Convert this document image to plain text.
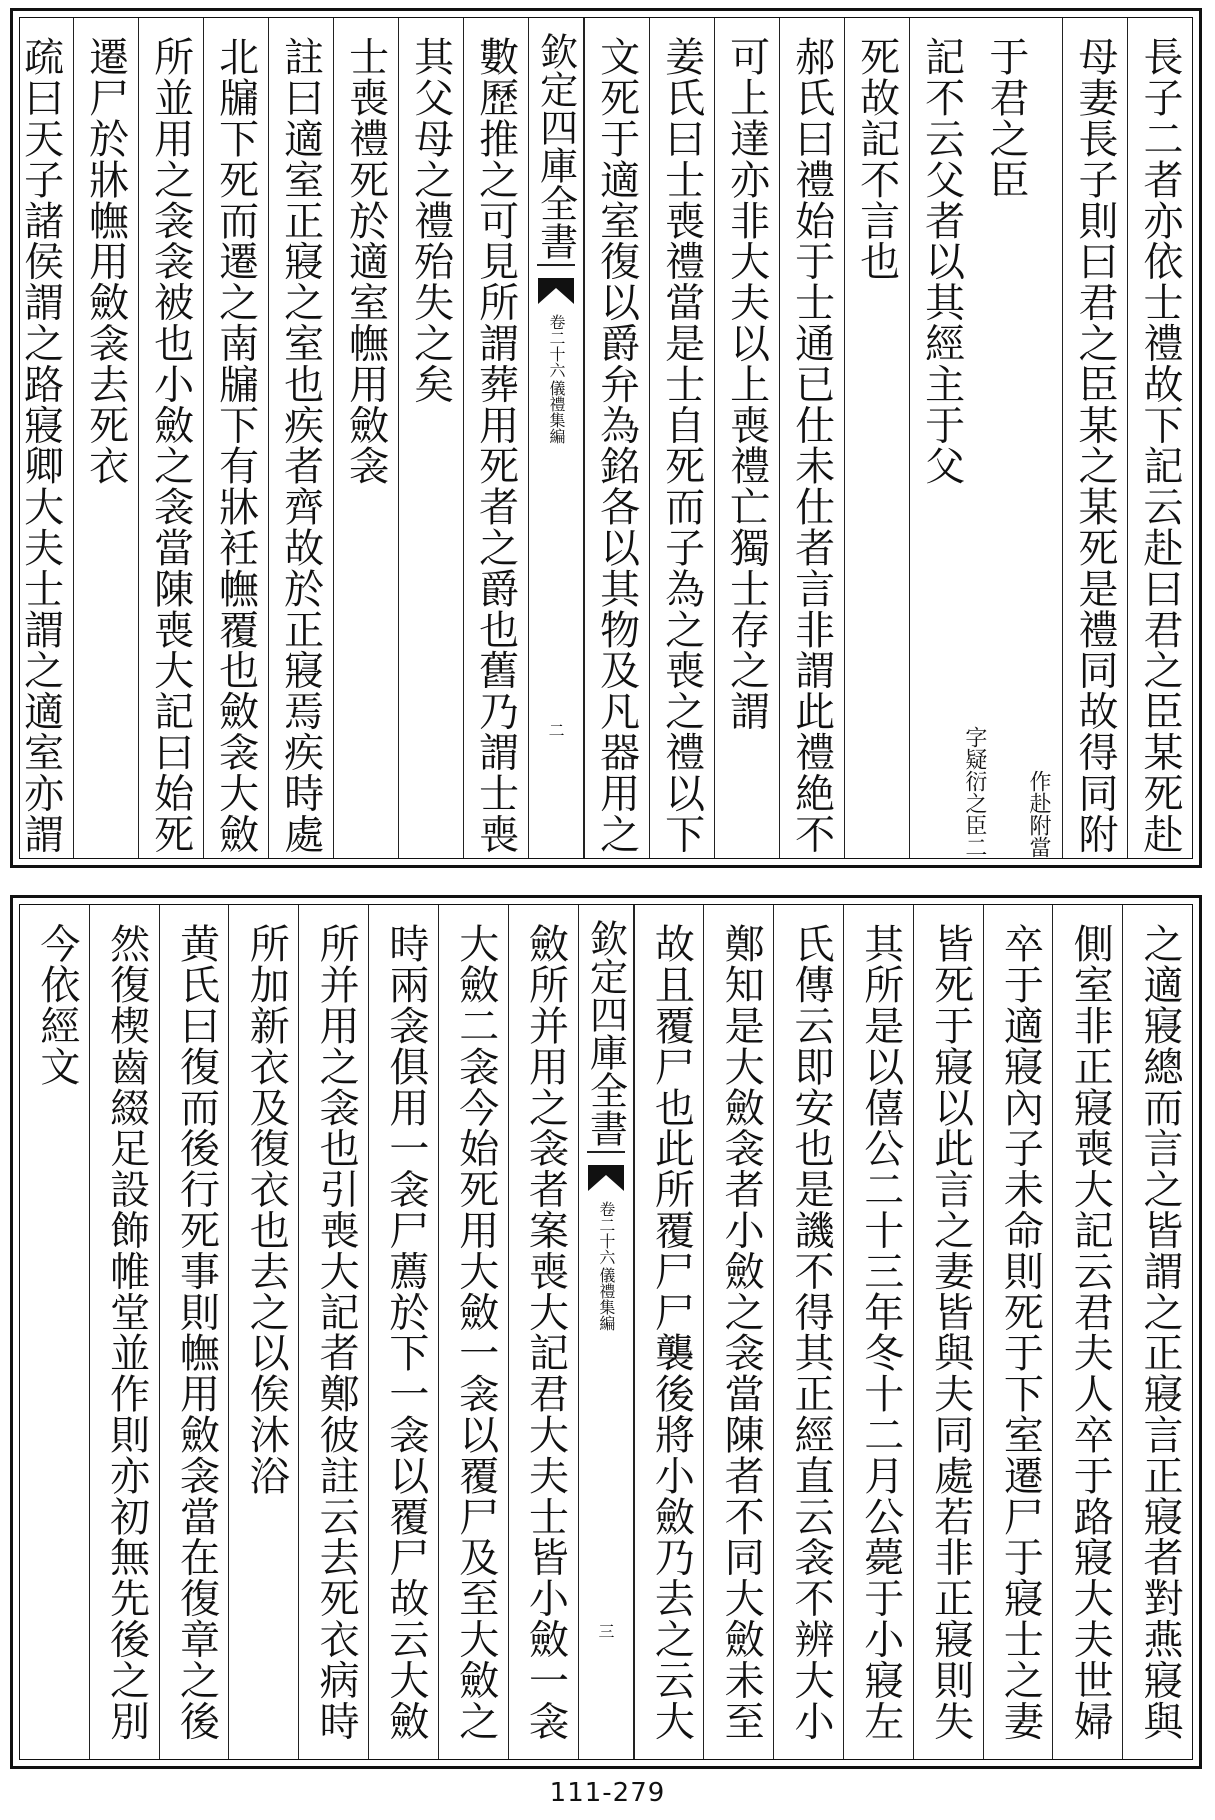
長子二者亦依士禮故下記云赴曰君之臣某死赴
母妻長子則曰君之臣某之某死是禮同故得同附
附當
作赴
于君之臣
之臣二
字疑衍
記不云父者以其經主于父
死故記不言也
郝氏曰禮始于士通已仕未仕者言非謂此禮絶不
可上達亦非大夫以上喪禮亡獨士存之謂
姜氏曰士喪禮當是士自死而子為之喪之禮以下
文死于適室復以爵弁為銘各以其物及凡器用之
欽定四庫全書
儀禮集編
卷二十六
二
數歷推之可見所謂葬用死者之爵也舊乃謂士喪
其父母之禮殆失之矣
士喪禮死於適室幠用斂衾
註曰適室正寢之室也疾者齊故於正寢焉疾時處
北牖下死而遷之南牖下有牀衽幠覆也斂衾大斂
所並用之衾衾被也小斂之衾當陳喪大記曰始死
遷尸於牀幠用斂衾去死衣
疏曰天子諸侯謂之路寢卿大夫士謂之適室亦謂
之適寢總而言之皆謂之正寢言正寢者對燕寢與
側室非正寢喪大記云君夫人卒于路寢大夫世婦
卒于適寢內子未命則死于下室遷尸于寢士之妻
皆死于寢以此言之妻皆與夫同處若非正寢則失
其所是以僖公二十三年冬十二月公薨于小寢左
氏傳云即安也是譏不得其正經直云衾不辨大小
鄭知是大斂衾者小斂之衾當陳者不同大斂未至
故且覆尸也此所覆尸尸襲後將小斂乃去之云大
欽定四庫全書
儀禮集編
卷二十六
三
斂所并用之衾者案喪大記君大夫士皆小斂一衾
大斂二衾今始死用大斂一衾以覆尸及至大斂之
時兩衾俱用一衾尸薦於下一衾以覆尸故云大斂
所并用之衾也引喪大記者鄭彼註云去死衣病時
所加新衣及復衣也去之以俟沐浴
黄氏曰復而後行死事則幠用斂衾當在復章之後
然復楔齒綴足設飾帷堂並作則亦初無先後之別
今依經文
111-279
